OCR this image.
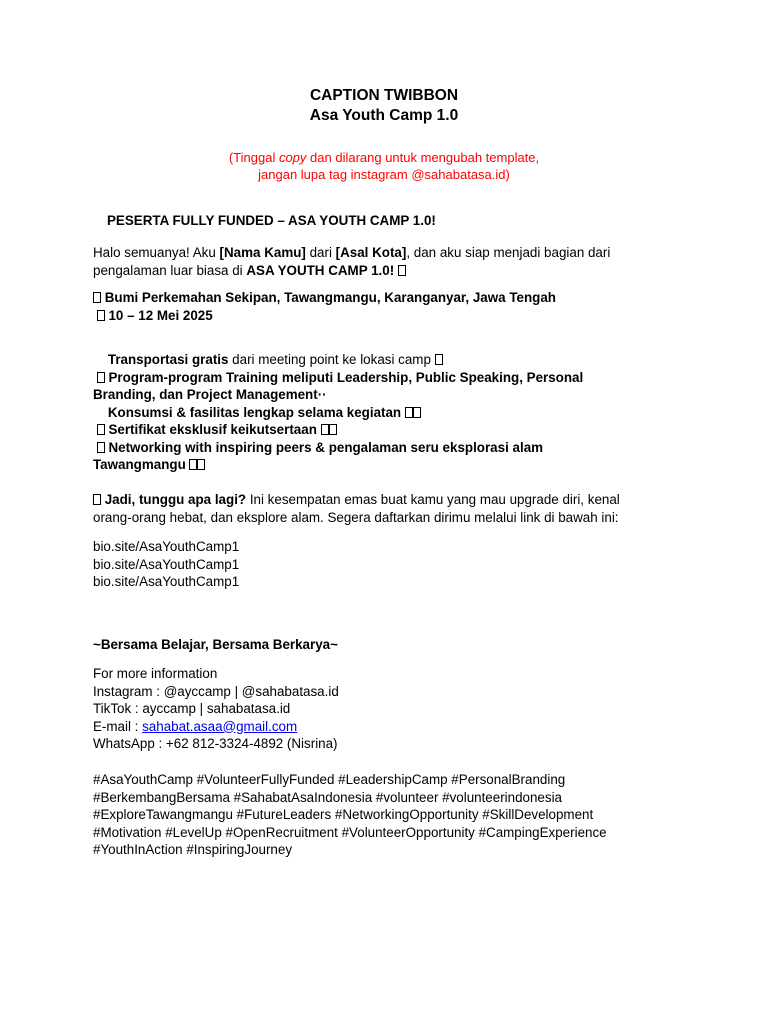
CAPTION TWIBBON
Asa Youth Camp 1.0
(Tinggal copy dan dilarang untuk mengubah template,
jangan lupa tag instagram @sahabatasa.id)
PESERTA FULLY FUNDED – ASA YOUTH CAMP 1.0!
Halo semuanya! Aku [Nama Kamu] dari [Asal Kota], dan aku siap menjadi bagian dari
pengalaman luar biasa di ASA YOUTH CAMP 1.0!
Bumi Perkemahan Sekipan, Tawangmangu, Karanganyar, Jawa Tengah
10 – 12 Mei 2025
Transportasi gratis dari meeting point ke lokasi camp
Program-program Training meliputi Leadership, Public Speaking, Personal
Branding, dan Project Management··
Konsumsi & fasilitas lengkap selama kegiatan
Sertifikat eksklusif keikutsertaan
Networking with inspiring peers & pengalaman seru eksplorasi alam
Tawangmangu
Jadi, tunggu apa lagi? Ini kesempatan emas buat kamu yang mau upgrade diri, kenal
orang-orang hebat, dan eksplore alam. Segera daftarkan dirimu melalui link di bawah ini:
bio.site/AsaYouthCamp1
bio.site/AsaYouthCamp1
bio.site/AsaYouthCamp1
~Bersama Belajar, Bersama Berkarya~
For more information
Instagram : @ayccamp | @sahabatasa.id
TikTok : ayccamp | sahabatasa.id
E-mail : sahabat.asaa@gmail.com
WhatsApp : +62 812-3324-4892 (Nisrina)
#AsaYouthCamp #VolunteerFullyFunded #LeadershipCamp #PersonalBranding
#BerkembangBersama #SahabatAsaIndonesia #volunteer #volunteerindonesia
#ExploreTawangmangu #FutureLeaders #NetworkingOpportunity #SkillDevelopment
#Motivation #LevelUp #OpenRecruitment #VolunteerOpportunity #CampingExperience
#YouthInAction #InspiringJourney
